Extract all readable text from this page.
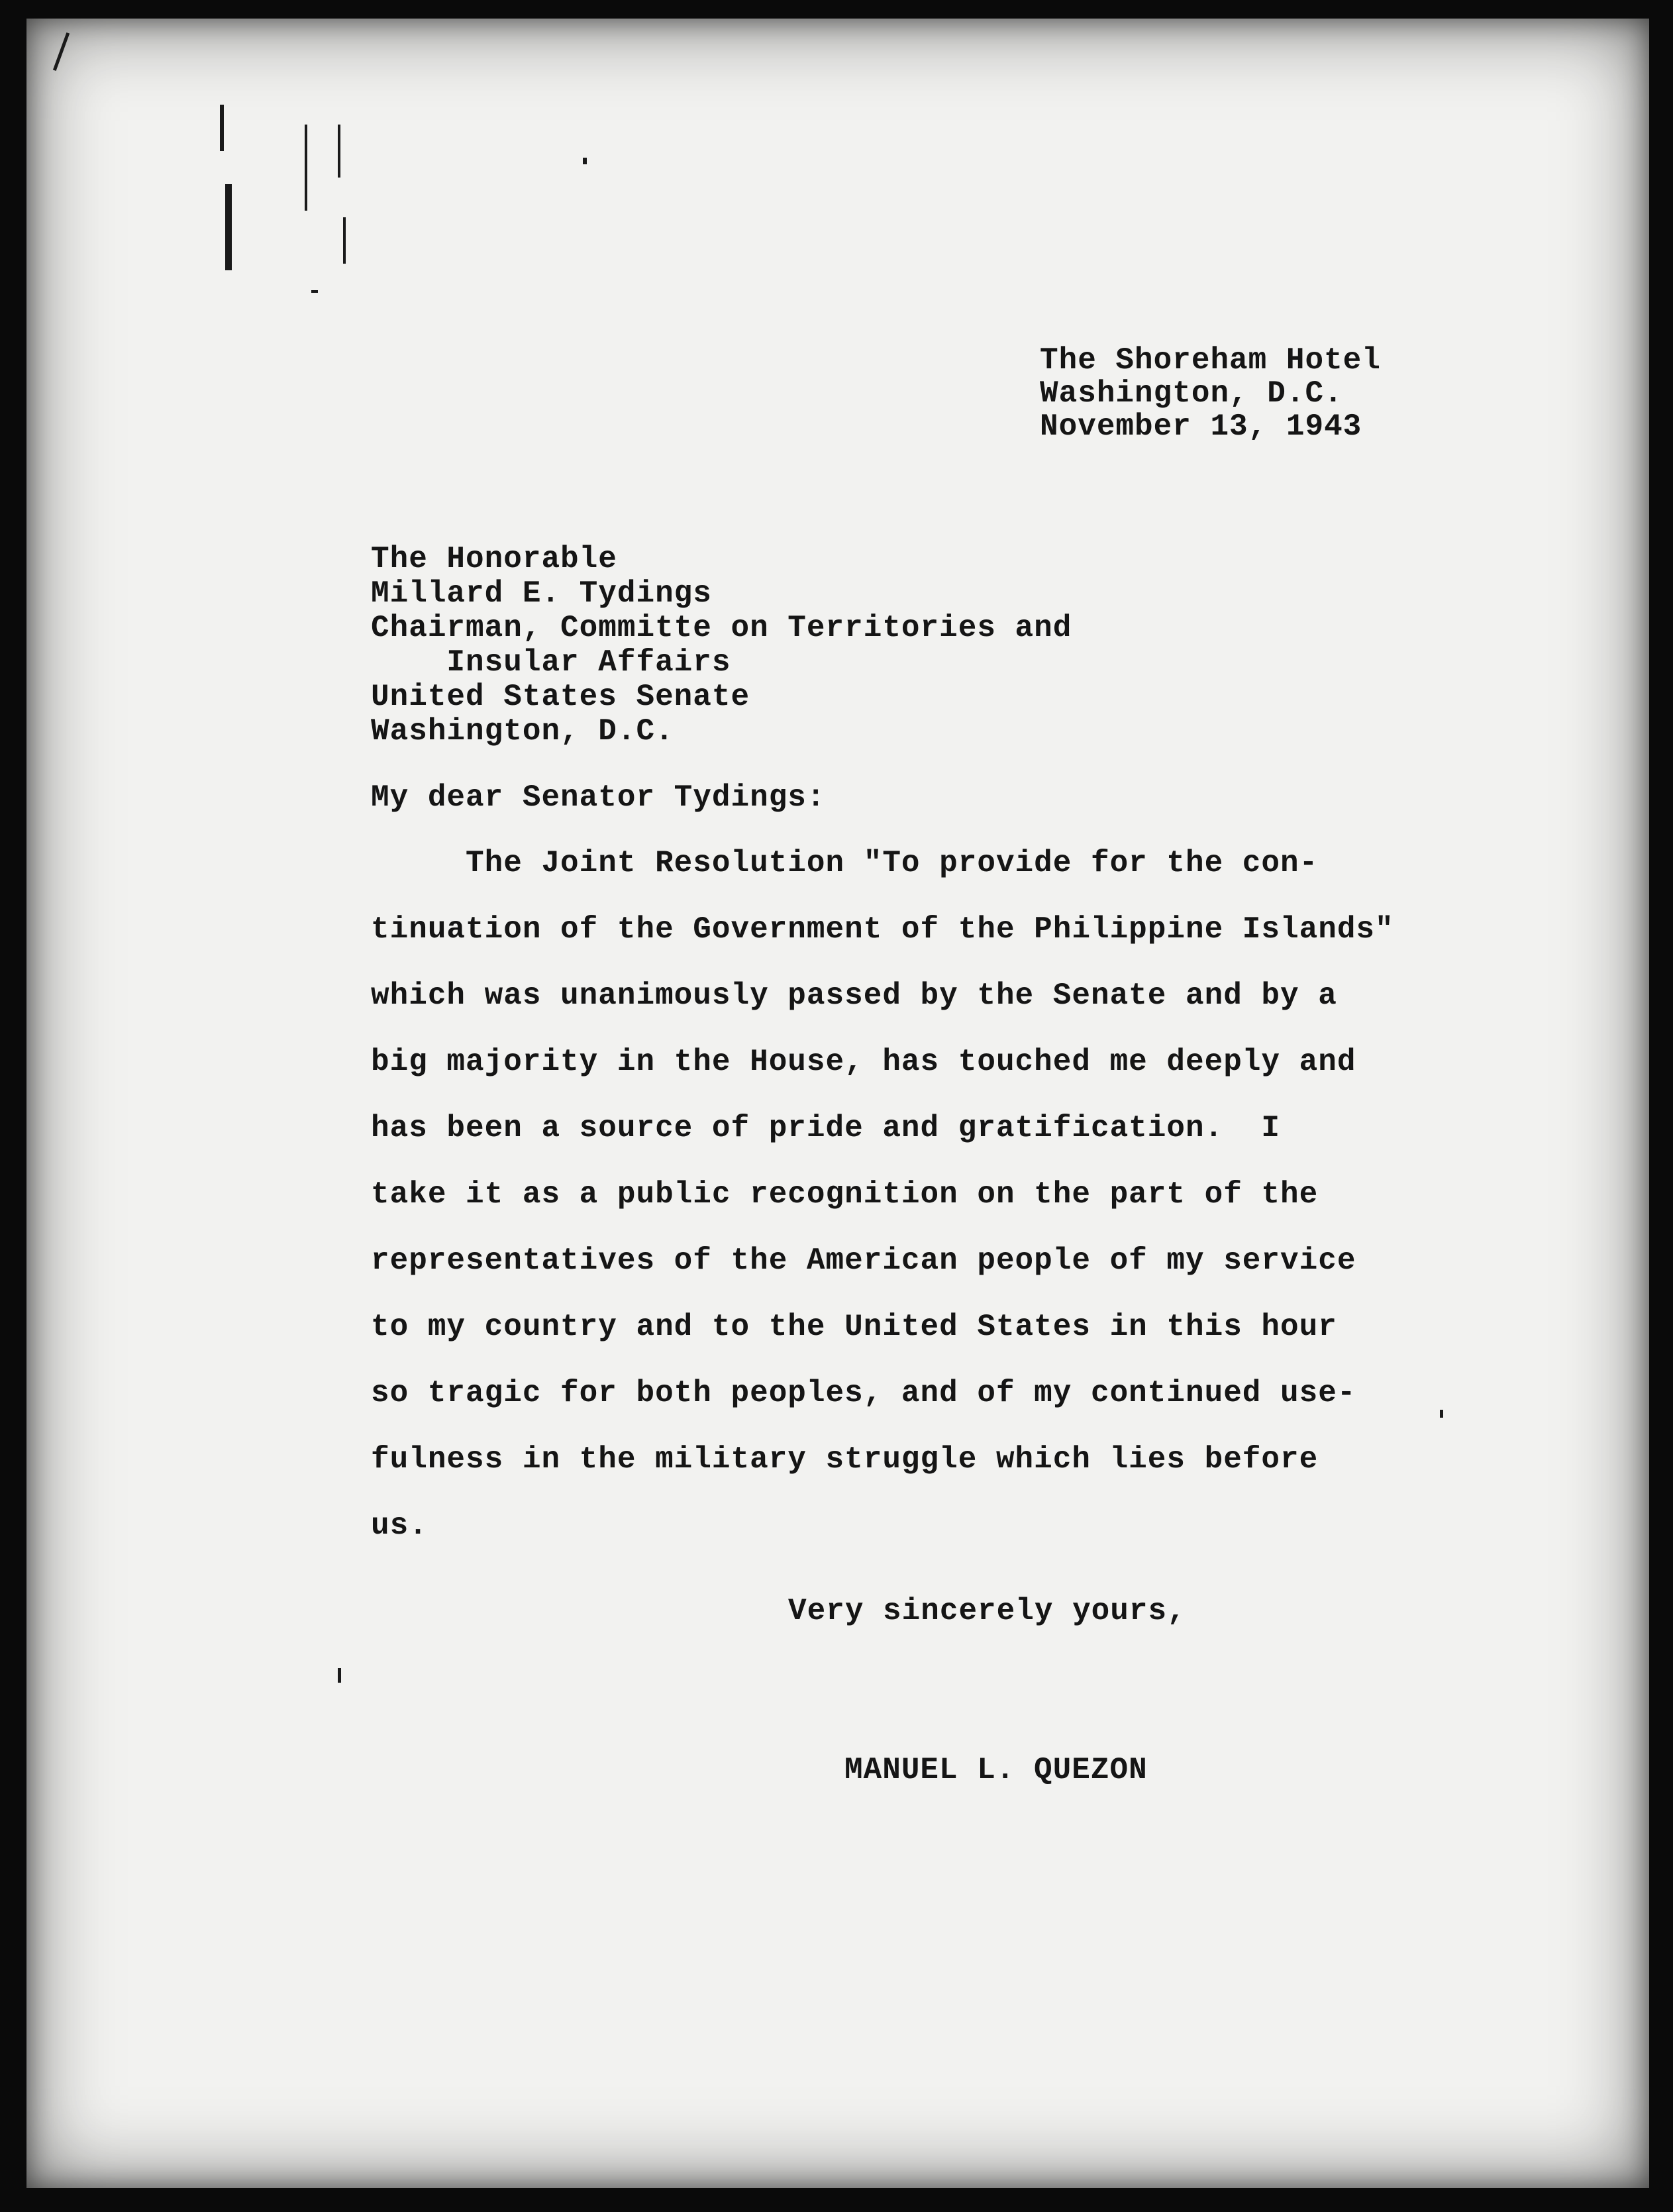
The Shoreham Hotel
Washington, D.C.
November 13, 1943
The Honorable
Millard E. Tydings
Chairman, Committe on Territories and
Insular Affairs
United States Senate
Washington, D.C.
My dear Senator Tydings:
The Joint Resolution "To provide for the con-
tinuation of the Government of the Philippine Islands"
which was unanimously passed by the Senate and by a
big majority in the House, has touched me deeply and
has been a source of pride and gratification.  I
take it as a public recognition on the part of the
representatives of the American people of my service
to my country and to the United States in this hour
so tragic for both peoples, and of my continued use-
fulness in the military struggle which lies before
us.
Very sincerely yours,
MANUEL L. QUEZON
